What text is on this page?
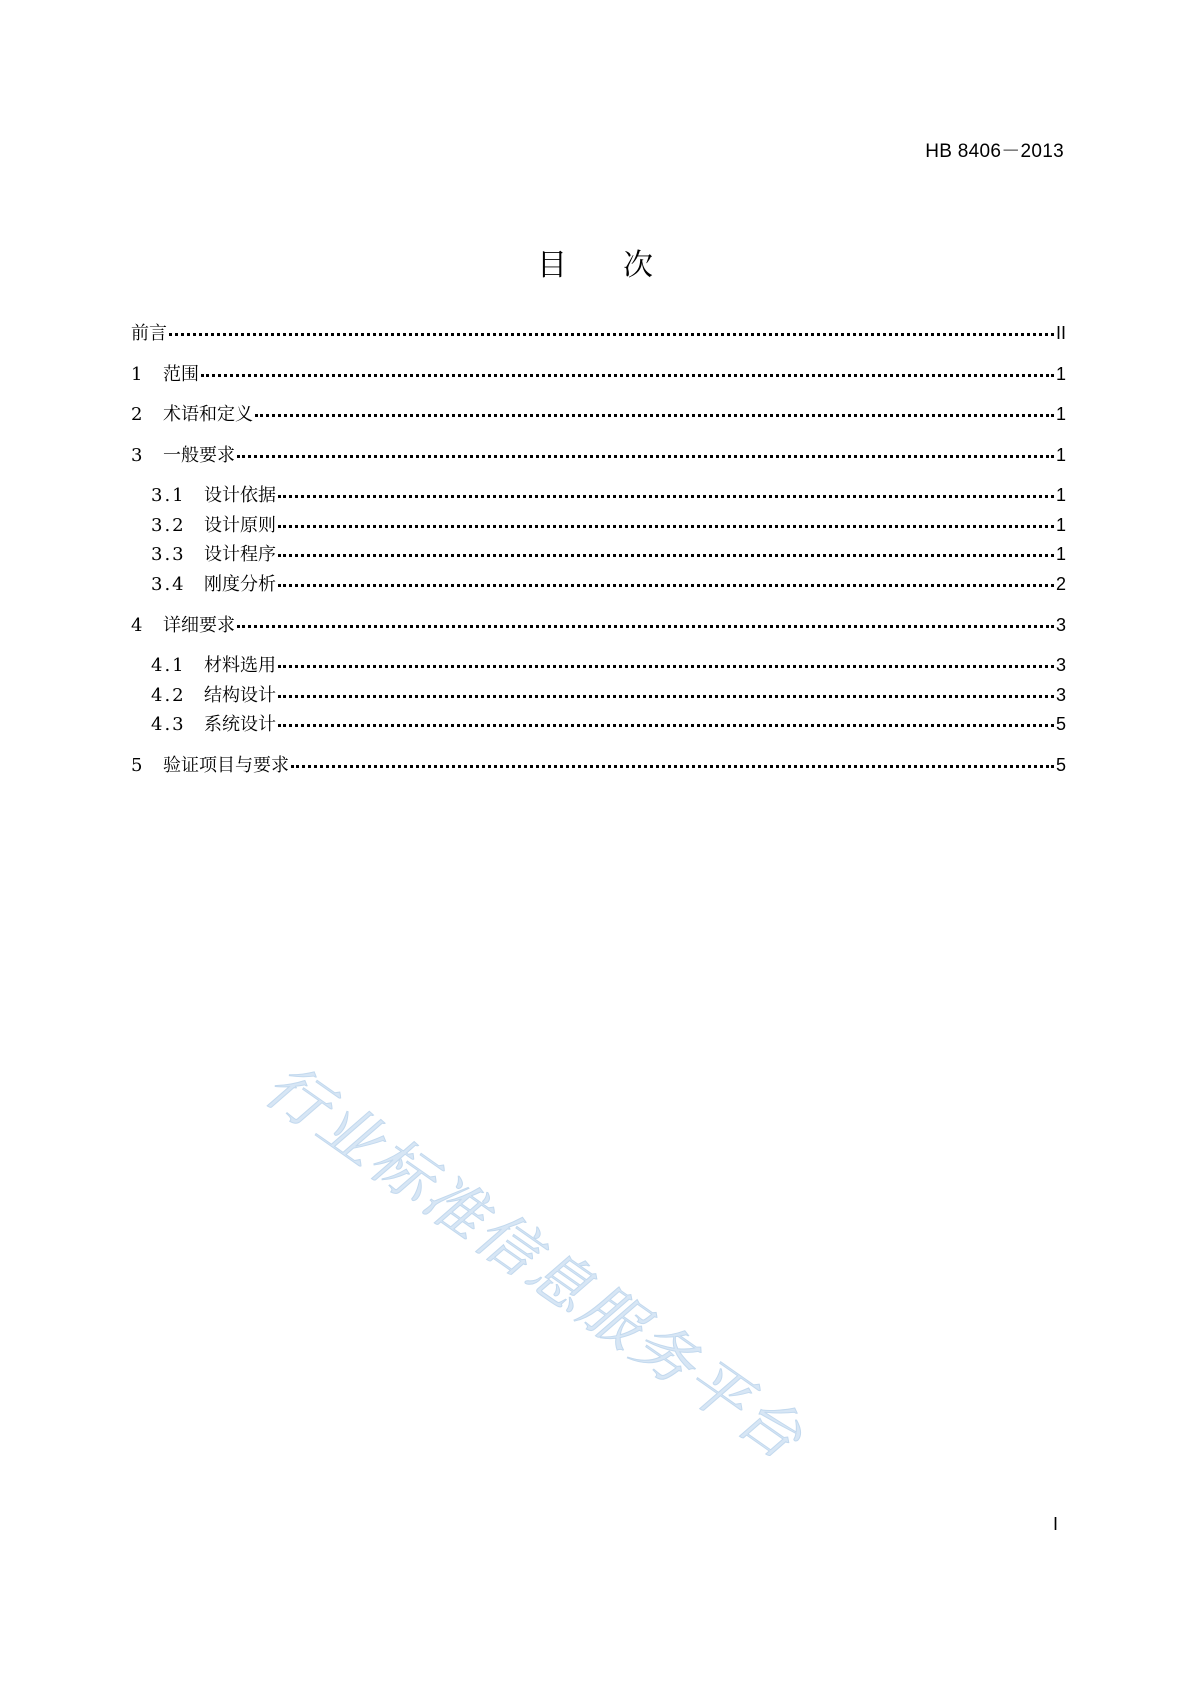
HB 8406－2013
目 次
前言	II
1	范围	1
2	术语和定义	1
3	一般要求	1
3.1	设计依据	1
3.2	设计原则	1
3.3	设计程序	1
3.4	刚度分析	2
4	详细要求	3
4.1	材料选用	3
4.2	结构设计	3
4.3	系统设计	5
5	验证项目与要求	5
行业标准信息服务平台
I
